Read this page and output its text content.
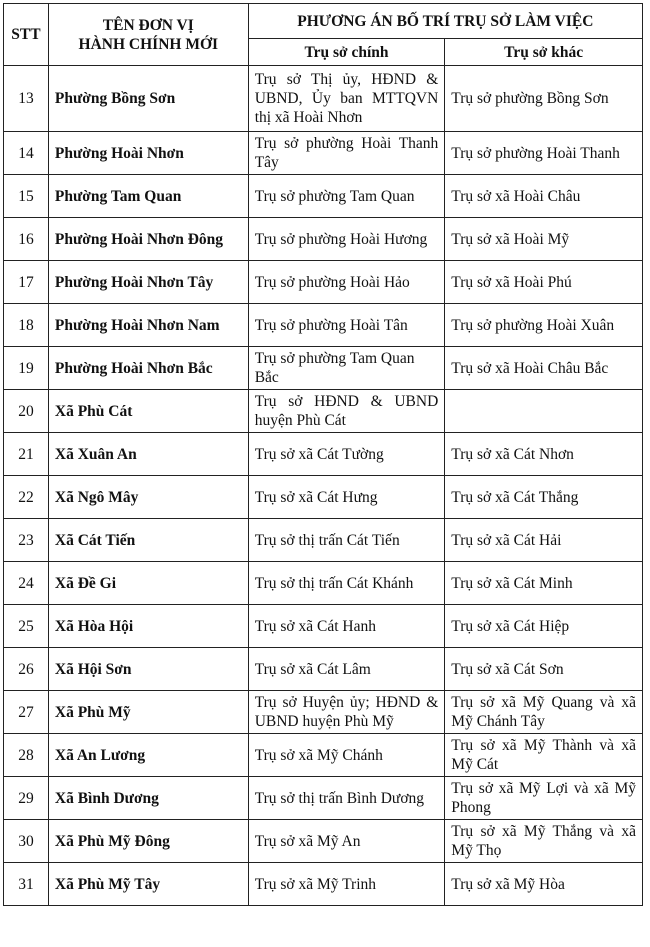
STT	TÊN ĐƠN VỊ
HÀNH CHÍNH MỚI	PHƯƠNG ÁN BỐ TRÍ TRỤ SỞ LÀM VIỆC	
		Trụ sở chính	Trụ sở khác
13	Phường Bồng Sơn	Trụ sở Thị ủy, HĐND & UBND, Ủy ban MTTQVN thị xã Hoài Nhơn	Trụ sở phường Bồng Sơn
14	Phường Hoài Nhơn	Trụ sở phường Hoài Thanh Tây	Trụ sở phường Hoài Thanh
15	Phường Tam Quan	Trụ sở phường Tam Quan	Trụ sở xã Hoài Châu
16	Phường Hoài Nhơn Đông	Trụ sở phường Hoài Hương	Trụ sở xã Hoài Mỹ
17	Phường Hoài Nhơn Tây	Trụ sở phường Hoài Hảo	Trụ sở xã Hoài Phú
18	Phường Hoài Nhơn Nam	Trụ sở phường Hoài Tân	Trụ sở phường Hoài Xuân
19	Phường Hoài Nhơn Bắc	Trụ sở phường Tam Quan Bắc	Trụ sở xã Hoài Châu Bắc
20	Xã Phù Cát	Trụ sở HĐND & UBND huyện Phù Cát	
21	Xã Xuân An	Trụ sở xã Cát Tường	Trụ sở xã Cát Nhơn
22	Xã Ngô Mây	Trụ sở xã Cát Hưng	Trụ sở xã Cát Thắng
23	Xã Cát Tiến	Trụ sở thị trấn Cát Tiến	Trụ sở xã Cát Hải
24	Xã Đề Gi	Trụ sở thị trấn Cát Khánh	Trụ sở xã Cát Minh
25	Xã Hòa Hội	Trụ sở xã Cát Hanh	Trụ sở xã Cát Hiệp
26	Xã Hội Sơn	Trụ sở xã Cát Lâm	Trụ sở xã Cát Sơn
27	Xã Phù Mỹ	Trụ sở Huyện ủy; HĐND & UBND huyện Phù Mỹ	Trụ sở xã Mỹ Quang và xã Mỹ Chánh Tây
28	Xã An Lương	Trụ sở xã Mỹ Chánh	Trụ sở xã Mỹ Thành và xã Mỹ Cát
29	Xã Bình Dương	Trụ sở thị trấn Bình Dương	Trụ sở xã Mỹ Lợi và xã Mỹ Phong
30	Xã Phù Mỹ Đông	Trụ sở xã Mỹ An	Trụ sở xã Mỹ Thắng và xã Mỹ Thọ
31	Xã Phù Mỹ Tây	Trụ sở xã Mỹ Trinh	Trụ sở xã Mỹ Hòa
